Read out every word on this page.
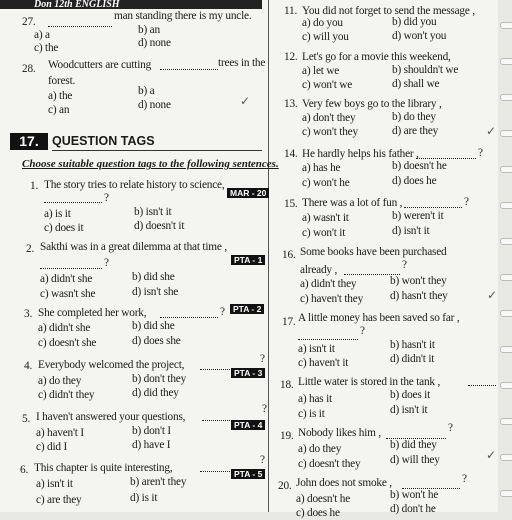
Don 12th ENGLISH
27.	man standing there is my uncle.
a) a	b) an
c) the	d) none
28. Woodcutters are cutting	trees in the
forest.
a) the	b) a
c) an	d) none	✓
17.	QUESTION TAGS
Choose suitable question tags to the following sentences.
1. The story tries to relate history to science,
?	MAR - 20
a) is it	b) isn't it
c) does it	d) doesn't it
2. Sakthi was in a great dilemma at that time ,
?	PTA - 1
a) didn't she	b) did she
c) wasn't she	d) isn't she
3. She completed her work,	? PTA - 2
a) didn't she	b) did she
c) doesn't she	d) does she
4. Everybody welcomed the project,	?
PTA - 3
a) do they	b) don't they
c) didn't they	d) did they
5. I haven't answered your questions,
?
PTA - 4
a) haven't I	b) don't I
c) did I	d) have I
6. This chapter is quite interesting,
?
PTA - 5
a) isn't it	b) aren't they
c) are they	d) is it
11. You did not forget to send the message ,
a) do you	b) did you
c) will you	d) won't you
12. Let's go for a movie this weekend,
a) let we	b) shouldn't we
c) won't we	d) shall we
13. Very few boys go to the library ,
a) don't they	b) do they
c) won't they	d) are they	✓
14. He hardly helps his father ,	?
a) has he	b) doesn't he
c) won't he	d) does he
15. There was a lot of fun ,	?
a) wasn't it	b) weren't it
c) won't it	d) isn't it
16. Some books have been purchased
already ,	?
a) didn't they	b) won't they
c) haven't they d) hasn't they	✓
17. A little money has been saved so far ,
?
a) isn't it	b) hasn't it
c) haven't it	d) didn't it
18. Little water is stored in the tank ,
a) has it	b) does it
c) is it	d) isn't it
19. Nobody likes him ,	?
a) do they	b) did they
c) doesn't they	d) will they	✓
20. John does not smoke ,	?
a) doesn't he	b) won't he
c) does he	d) don't he
